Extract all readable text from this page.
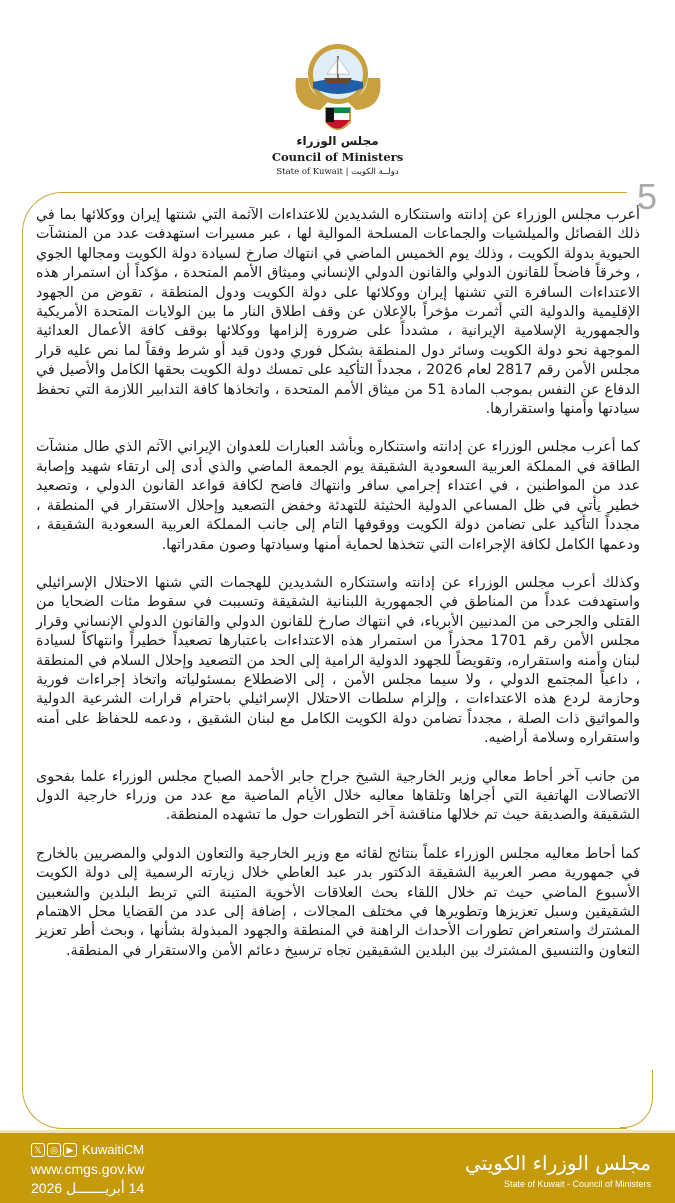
مجلس الوزراء
Council of Ministers
State of Kuwait | دولــة الكويت
5

أعرب مجلس الوزراء عن إدانته واستنكاره الشديدين للاعتداءات الآثمة التي شنتها إيران ووكلائها بما في ذلك الفصائل والميلشيات والجماعات المسلحة الموالية لها ، عبر مسيرات استهدفت عدد من المنشآت الحيوية بدولة الكويت ، وذلك يوم الخميس الماضي في انتهاك صارخ لسيادة دولة الكويت ومجالها الجوي ، وخرقاً فاضحاً للقانون الدولي والقانون الدولي الإنساني وميثاق الأمم المتحدة ، مؤكداً أن استمرار هذه الاعتداءات السافرة التي تشنها إيران ووكلائها على دولة الكويت ودول المنطقة ، تقوض من الجهود الإقليمية والدولية التي أثمرت مؤخراً بالإعلان عن وقف اطلاق النار ما بين الولايات المتحدة الأمريكية والجمهورية الإسلامية الإيرانية ، مشدداً على ضرورة إلزامها ووكلائها بوقف كافة الأعمال العدائية الموجهة نحو دولة الكويت وسائر دول المنطقة بشكل فوري ودون قيد أو شرط وفقاً لما نص عليه قرار مجلس الأمن رقم 2817 لعام 2026 ، مجدداً التأكيد على تمسك دولة الكويت بحقها الكامل والأصيل في الدفاع عن النفس بموجب المادة 51 من ميثاق الأمم المتحدة ، واتخاذها كافة التدابير اللازمة التي تحفظ سيادتها وأمنها واستقرارها.

كما أعرب مجلس الوزراء عن إدانته واستنكاره وبأشد العبارات للعدوان الإيراني الآثم الذي طال منشآت الطاقة في المملكة العربية السعودية الشقيقة يوم الجمعة الماضي والذي أدى إلى ارتقاء شهيد وإصابة عدد من المواطنين ، في اعتداء إجرامي سافر وانتهاك فاضح لكافة قواعد القانون الدولي ، وتصعيد خطير يأتي في ظل المساعي الدولية الحثيثة للتهدئة وخفض التصعيد وإحلال الاستقرار في المنطقة ، مجدداً التأكيد على تضامن دولة الكويت ووقوفها التام إلى جانب المملكة العربية السعودية الشقيقة ، ودعمها الكامل لكافة الإجراءات التي تتخذها لحماية أمنها وسيادتها وصون مقدراتها.

وكذلك أعرب مجلس الوزراء عن إدانته واستنكاره الشديدين للهجمات التي شنها الاحتلال الإسرائيلي واستهدفت عدداً من المناطق في الجمهورية اللبنانية الشقيقة وتسببت في سقوط مئات الضحايا من القتلى والجرحى من المدنيين الأبرياء، في انتهاك صارخ للقانون الدولي والقانون الدولي الإنساني وقرار مجلس الأمن رقم 1701 محذراً من استمرار هذه الاعتداءات باعتبارها تصعيداً خطيراً وانتهاكاً لسيادة لبنان وأمنه واستقراره، وتقويضاً للجهود الدولية الرامية إلى الحد من التصعيد وإحلال السلام في المنطقة ، داعياً المجتمع الدولي ، ولا سيما مجلس الأمن ، إلى الاضطلاع بمسئولياته واتخاذ إجراءات فورية وحازمة لردع هذه الاعتداءات ، وإلزام سلطات الاحتلال الإسرائيلي باحترام قرارات الشرعية الدولية والمواثيق ذات الصلة ، مجدداً تضامن دولة الكويت الكامل مع لبنان الشقيق ، ودعمه للحفاظ على أمنه واستقراره وسلامة أراضيه.

من جانب آخر أحاط معالي وزير الخارجية الشيخ جراح جابر الأحمد الصباح مجلس الوزراء علما بفحوى الاتصالات الهاتفية التي أجراها وتلقاها معاليه خلال الأيام الماضية مع عدد من وزراء خارجية الدول الشقيقة والصديقة حيث تم خلالها مناقشة آخر التطورات حول ما تشهده المنطقة.

كما أحاط معاليه مجلس الوزراء علماً بنتائج لقائه مع وزير الخارجية والتعاون الدولي والمصريين بالخارج في جمهورية مصر العربية الشقيقة الدكتور بدر عبد العاطي خلال زيارته الرسمية إلى دولة الكويت الأسبوع الماضي حيث تم خلال اللقاء بحث العلاقات الأخوية المتينة التي تربط البلدين والشعبين الشقيقين وسبل تعزيزها وتطويرها في مختلف المجالات ، إضافة إلى عدد من القضايا محل الاهتمام المشترك واستعراض تطورات الأحداث الراهنة في المنطقة والجهود المبذولة بشأنها ، وبحث أطر تعزيز التعاون والتنسيق المشترك بين البلدين الشقيقين تجاه ترسيخ دعائم الأمن والاستقرار في المنطقة.

𝕏 ◎ ▶ KuwaitiCM
www.cmgs.gov.kw
14 أبريـــــــل 2026
مجلس الوزراء الكويتي
State of Kuwait - Council of Ministers
